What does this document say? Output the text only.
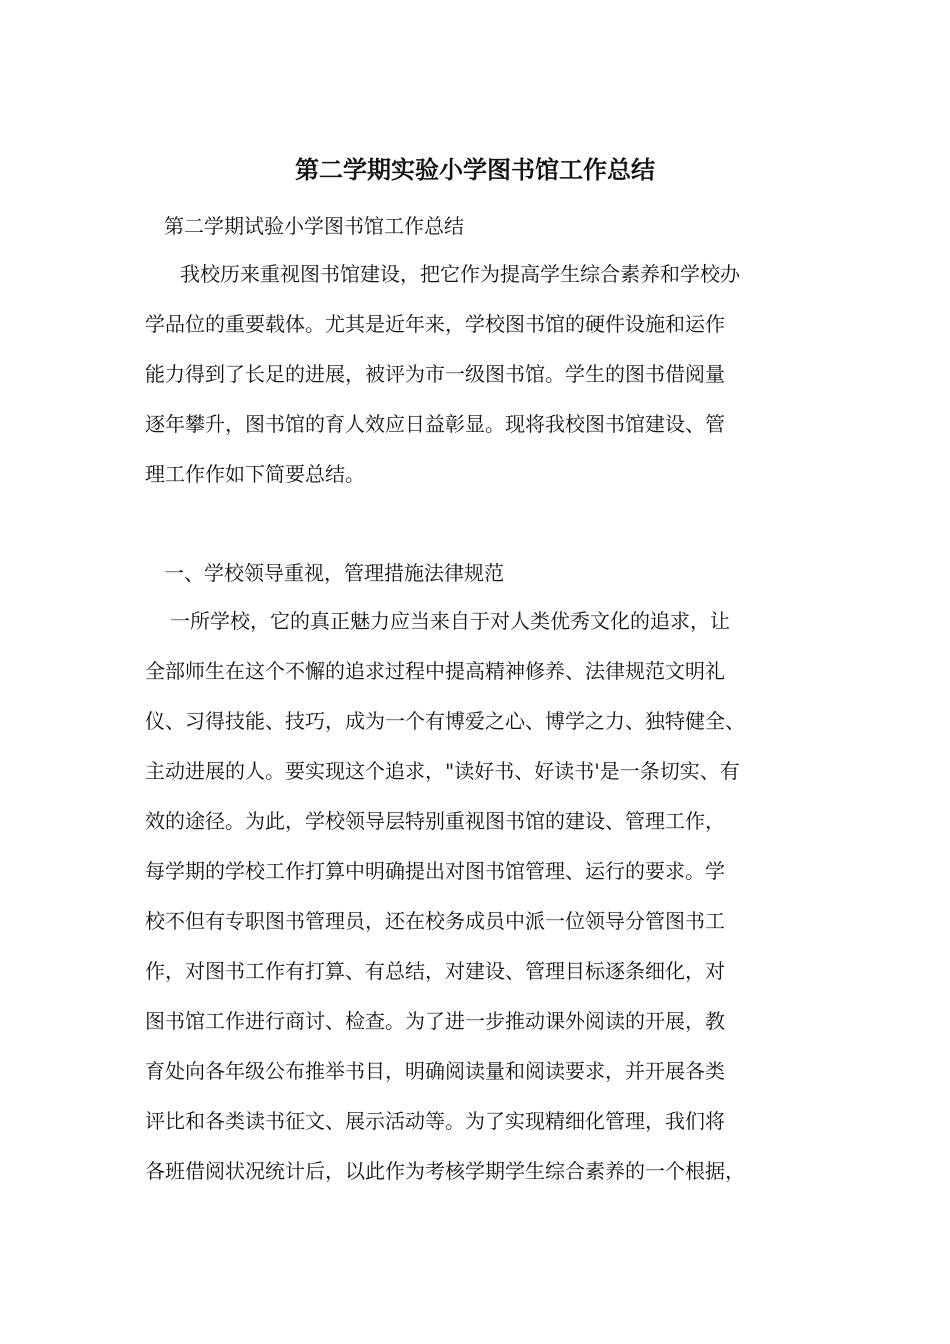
第二学期实验小学图书馆工作总结
第二学期试验小学图书馆工作总结
我校历来重视图书馆建设，把它作为提高学生综合素养和学校办
学品位的重要载体。尤其是近年来，学校图书馆的硬件设施和运作
能力得到了长足的进展，被评为市一级图书馆。学生的图书借阅量
逐年攀升，图书馆的育人效应日益彰显。现将我校图书馆建设、管
理工作作如下简要总结。
一、学校领导重视，管理措施法律规范
一所学校，它的真正魅力应当来自于对人类优秀文化的追求，让
全部师生在这个不懈的追求过程中提高精神修养、法律规范文明礼
仪、习得技能、技巧，成为一个有博爱之心、博学之力、独特健全、
主动进展的人。要实现这个追求，"读好书、好读书'是一条切实、有
效的途径。为此，学校领导层特别重视图书馆的建设、管理工作，
每学期的学校工作打算中明确提出对图书馆管理、运行的要求。学
校不但有专职图书管理员，还在校务成员中派一位领导分管图书工
作，对图书工作有打算、有总结，对建设、管理目标逐条细化，对
图书馆工作进行商讨、检查。为了进一步推动课外阅读的开展，教
育处向各年级公布推举书目，明确阅读量和阅读要求，并开展各类
评比和各类读书征文、展示活动等。为了实现精细化管理，我们将
各班借阅状况统计后，以此作为考核学期学生综合素养的一个根据，
